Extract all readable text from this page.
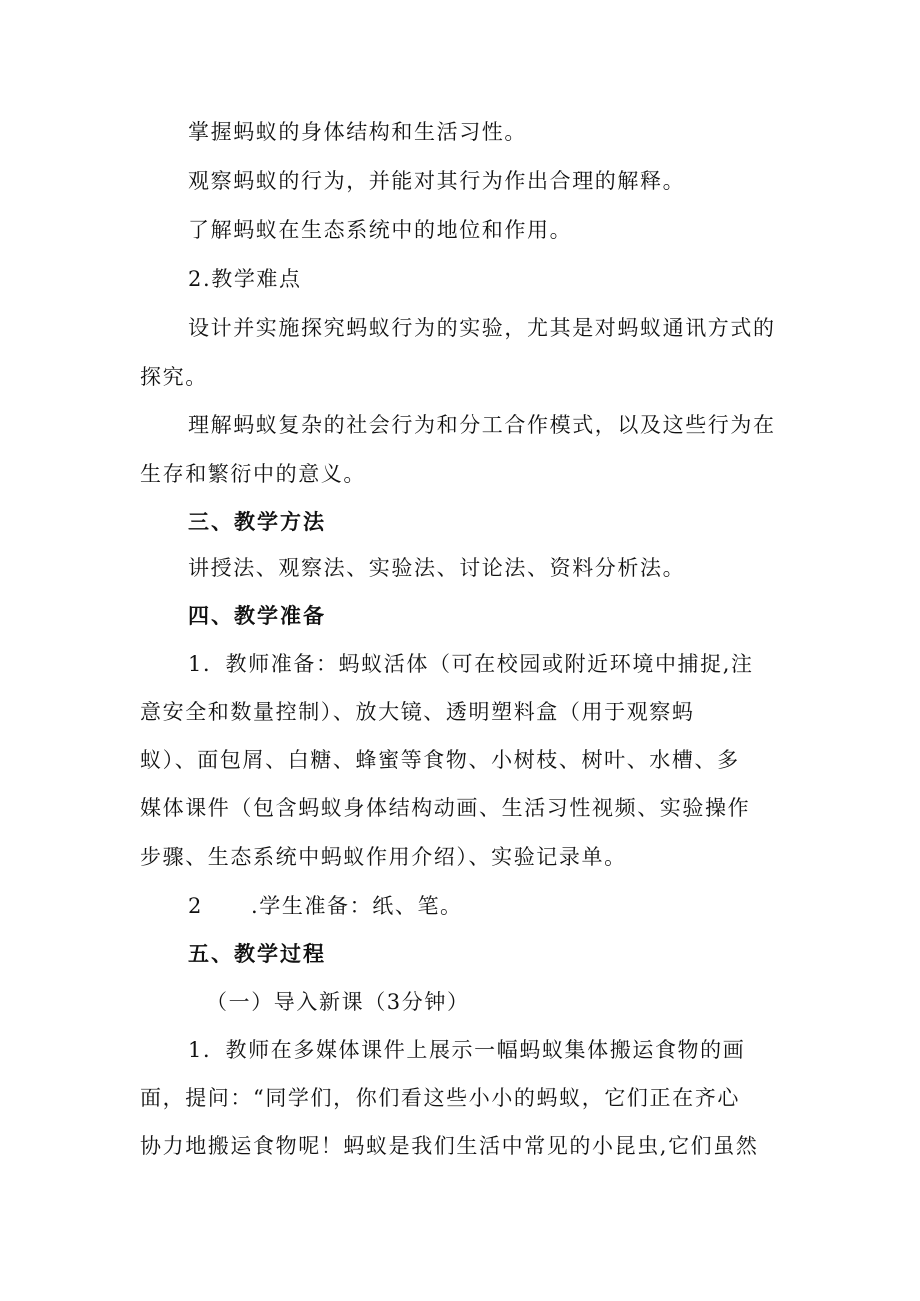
掌握蚂蚁的身体结构和生活习性。
观察蚂蚁的行为，并能对其行为作出合理的解释。
了解蚂蚁在生态系统中的地位和作用。
2.教学难点
设计并实施探究蚂蚁行为的实验，尤其是对蚂蚁通讯方式的
探究。
理解蚂蚁复杂的社会行为和分工合作模式，以及这些行为在
生存和繁衍中的意义。
三、教学方法
讲授法、观察法、实验法、讨论法、资料分析法。
四、教学准备
1．教师准备：蚂蚁活体（可在校园或附近环境中捕捉,注
意安全和数量控制）、放大镜、透明塑料盒（用于观察蚂
蚁）、面包屑、白糖、蜂蜜等食物、小树枝、树叶、水槽、多
媒体课件（包含蚂蚁身体结构动画、生活习性视频、实验操作
步骤、生态系统中蚂蚁作用介绍）、实验记录单。
2 .学生准备：纸、笔。
五、教学过程
（一）导入新课（3分钟）
1．教师在多媒体课件上展示一幅蚂蚁集体搬运食物的画
面，提问：“同学们，你们看这些小小的蚂蚁，它们正在齐心
协力地搬运食物呢！蚂蚁是我们生活中常见的小昆虫,它们虽然
